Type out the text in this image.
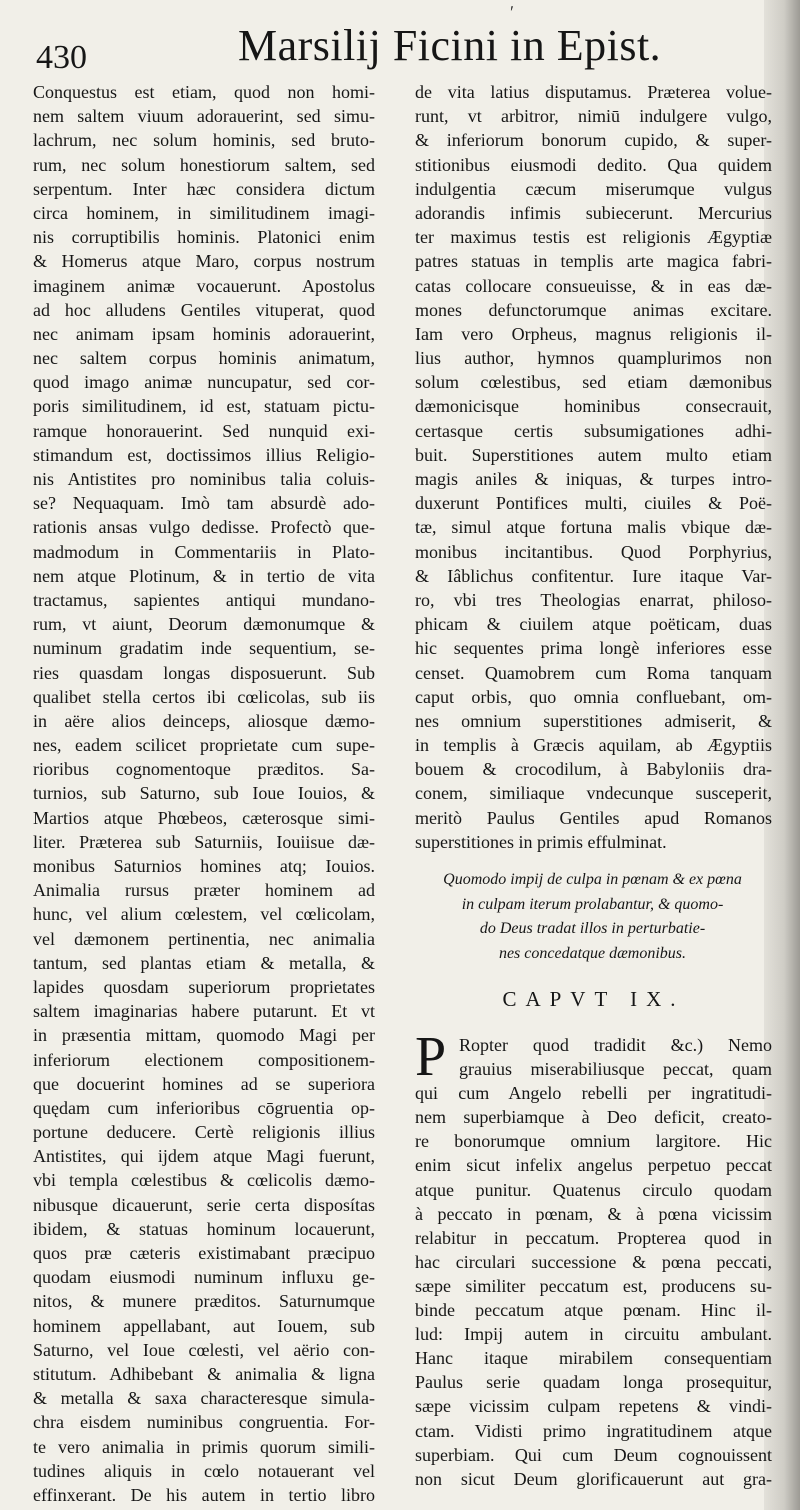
ʹ
430	Marsilij Ficini in Epist.
Conquestus est etiam, quod non homi-
nem saltem viuum adorauerint, sed simu-
lachrum, nec solum hominis, sed bruto-
rum, nec solum honestiorum saltem, sed
serpentum. Inter hæc considera dictum
circa hominem, in similitudinem imagi-
nis corruptibilis hominis. Platonici enim
& Homerus atque Maro, corpus nostrum
imaginem animæ vocauerunt. Apostolus
ad hoc alludens Gentiles vituperat, quod
nec animam ipsam hominis adorauerint,
nec saltem corpus hominis animatum,
quod imago animæ nuncupatur, sed cor-
poris similitudinem, id est, statuam pictu-
ramque honorauerint. Sed nunquid exi-
stimandum est, doctissimos illius Religio-
nis Antistites pro nominibus talia coluis-
se? Nequaquam. Imò tam absurdè ado-
rationis ansas vulgo dedisse. Profectò que-
madmodum in Commentariis in Plato-
nem atque Plotinum, & in tertio de vita
tractamus, sapientes antiqui mundano-
rum, vt aiunt, Deorum dæmonumque &
numinum gradatim inde sequentium, se-
ries quasdam longas disposuerunt. Sub
qualibet stella certos ibi cœlicolas, sub iis
in aëre alios deinceps, aliosque dæmo-
nes, eadem scilicet proprietate cum supe-
rioribus cognomentoque præditos. Sa-
turnios, sub Saturno, sub Ioue Iouios, &
Martios atque Phœbeos, cæterosque simi-
liter. Præterea sub Saturniis, Iouiisue dæ-
monibus Saturnios homines atq; Iouios.
Animalia rursus præter hominem ad
hunc, vel alium cœlestem, vel cœlicolam,
vel dæmonem pertinentia, nec animalia
tantum, sed plantas etiam & metalla, &
lapides quosdam superiorum proprietates
saltem imaginarias habere putarunt. Et vt
in præsentia mittam, quomodo Magi per
inferiorum electionem compositionem-
que docuerint homines ad se superiora
quędam cum inferioribus cōgruentia op-
portune deducere. Certè religionis illius
Antistites, qui ijdem atque Magi fuerunt,
vbi templa cœlestibus & cœlicolis dæmo-
nibusque dicauerunt, serie certa disposítas
ibidem, & statuas hominum locauerunt,
quos præ cæteris existimabant præcipuo
quodam eiusmodi numinum influxu ge-
nitos, & munere præditos. Saturnumque
hominem appellabant, aut Iouem, sub
Saturno, vel Ioue cœlesti, vel aërio con-
stitutum. Adhibebant & animalia & ligna
& metalla & saxa characteresque simula-
chra eisdem numinibus congruentia. For-
te vero animalia in primis quorum simili-
tudines aliquis in cœlo notauerant vel
effinxerant. De his autem in tertio libro
de vita latius disputamus. Præterea volue-
runt, vt arbitror, nimiū indulgere vulgo,
& inferiorum bonorum cupido, & super-
stitionibus eiusmodi dedito. Qua quidem
indulgentia cæcum miserumque vulgus
adorandis infimis subiecerunt. Mercurius
ter maximus testis est religionis Ægyptiæ
patres statuas in templis arte magica fabri-
catas collocare consueuisse, & in eas dæ-
mones defunctorumque animas excitare.
Iam vero Orpheus, magnus religionis il-
lius author, hymnos quamplurimos non
solum cœlestibus, sed etiam dæmonibus
dæmonicisque hominibus consecrauit,
certasque certis subsumigationes adhi-
buit. Superstitiones autem multo etiam
magis aniles & iniquas, & turpes intro-
duxerunt Pontifices multi, ciuiles & Poë-
tæ, simul atque fortuna malis vbique dæ-
monibus incitantibus. Quod Porphyrius,
& Iâblichus confitentur. Iure itaque Var-
ro, vbi tres Theologias enarrat, philoso-
phicam & ciuilem atque poëticam, duas
hic sequentes prima longè inferiores esse
censet. Quamobrem cum Roma tanquam
caput orbis, quo omnia confluebant, om-
nes omnium superstitiones admiserit, &
in templis à Græcis aquilam, ab Ægyptiis
bouem & crocodilum, à Babyloniis dra-
conem, similiaque vndecunque susceperit,
meritò Paulus Gentiles apud Romanos
superstitiones in primis effulminat.
Quomodo impij de culpa in pœnam & ex pœna
in culpam iterum prolabantur, & quomo-
do Deus tradat illos in perturbatie-
nes concedatque dæmonibus.
CAPVT IX.
P Ropter quod tradidit &c.) Nemo
grauius miserabiliusque peccat, quam
qui cum Angelo rebelli per ingratitudi-
nem superbiamque à Deo deficit, creato-
re bonorumque omnium largitore. Hic
enim sicut infelix angelus perpetuo peccat
atque punitur. Quatenus circulo quodam
à peccato in pœnam, & à pœna vicissim
relabitur in peccatum. Propterea quod in
hac circulari successione & pœna peccati,
sæpe similiter peccatum est, producens su-
binde peccatum atque pœnam. Hinc il-
lud: Impij autem in circuitu ambulant.
Hanc itaque mirabilem consequentiam
Paulus serie quadam longa prosequitur,
sæpe vicissim culpam repetens & vindi-
ctam. Vidisti primo ingratitudinem atque
superbiam. Qui cum Deum cognouissent
non sicut Deum glorificauerunt aut gra-
